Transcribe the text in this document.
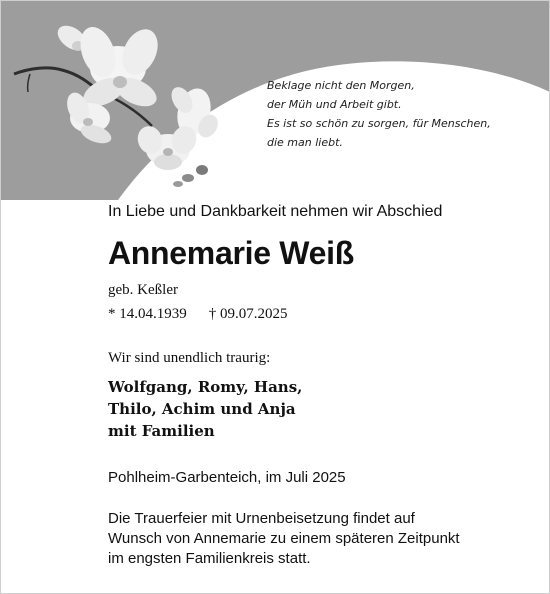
Beklage nicht den Morgen,
der Müh und Arbeit gibt.
Es ist so schön zu sorgen, für Menschen,
die man liebt.
In Liebe und Dankbarkeit nehmen wir Abschied
Annemarie Weiß
geb. Keßler
* 14.04.1939 † 09.07.2025
Wir sind unendlich traurig:
Wolfgang, Romy, Hans,
Thilo, Achim und Anja
mit Familien
Pohlheim-Garbenteich, im Juli 2025
Die Trauerfeier mit Urnenbeisetzung findet auf
Wunsch von Annemarie zu einem späteren Zeitpunkt
im engsten Familienkreis statt.
